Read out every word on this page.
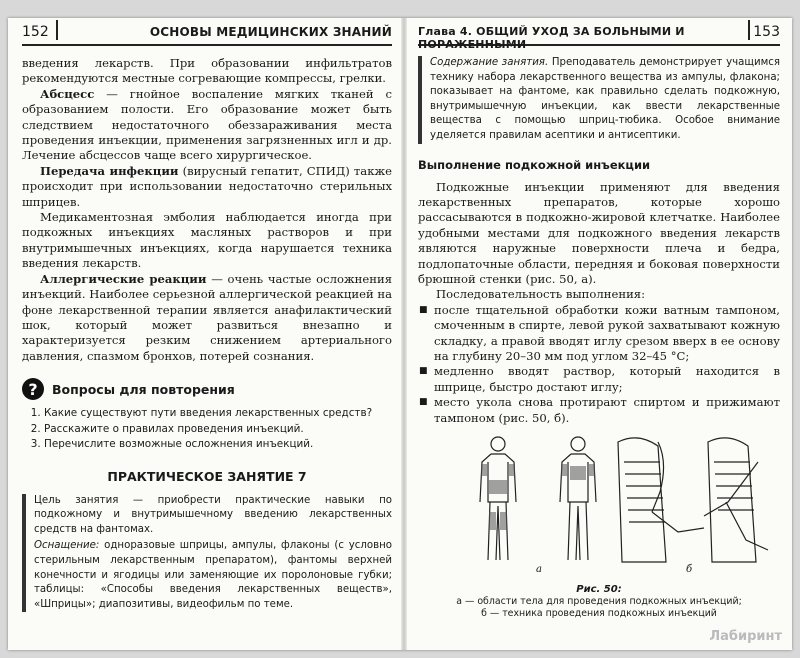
152	ОСНОВЫ МЕДИЦИНСКИХ ЗНАНИЙ

введения лекарств. При образовании инфильтратов рекомендуются местные согревающие компрессы, грелки.

Абсцесс — гнойное воспаление мягких тканей с образованием полости. Его образование может быть следствием недостаточного обеззараживания места проведения инъекции, применения загрязненных игл и др. Лечение абсцессов чаще всего хирургическое.

Передача инфекции (вирусный гепатит, СПИД) также происходит при использовании недостаточно стерильных шприцев.

Медикаментозная эмболия наблюдается иногда при подкожных инъекциях масляных растворов и при внутримышечных инъекциях, когда нарушается техника введения лекарств.

Аллергические реакции — очень частые осложнения инъекций. Наиболее серьезной аллергической реакцией на фоне лекарственной терапии является анафилактический шок, который может развиться внезапно и характеризуется резким снижением артериального давления, спазмом бронхов, потерей сознания.

?	Вопросы для повторения
1. Какие существуют пути введения лекарственных средств?
2. Расскажите о правилах проведения инъекций.
3. Перечислите возможные осложнения инъекций.
ПРАКТИЧЕСКОЕ ЗАНЯТИЕ 7

Цель занятия — приобрести практические навыки по подкожному и внутримышечному введению лекарственных средств на фантомах.

Оснащение: одноразовые шприцы, ампулы, флаконы (с условно стерильным лекарственным препаратом), фантомы верхней конечности и ягодицы или заменяющие их поролоновые губки; таблицы: «Способы введения лекарственных веществ», «Шприцы»; диапозитивы, видеофильм по теме.

Глава 4. ОБЩИЙ УХОД ЗА БОЛЬНЫМИ И ПОРАЖЕННЫМИ
153

Содержание занятия. Преподаватель демонстрирует учащимся технику набора лекарственного вещества из ампулы, флакона; показывает на фантоме, как правильно сделать подкожную, внутримышечную инъекции, как ввести лекарственные вещества с помощью шприц-тюбика. Особое внимание уделяется правилам асептики и антисептики.

Выполнение подкожной инъекции

Подкожные инъекции применяют для введения лекарственных препаратов, которые хорошо рассасываются в подкожно-жировой клетчатке. Наиболее удобными местами для подкожного введения лекарств являются наружные поверхности плеча и бедра, подлопаточные области, передняя и боковая поверхности брюшной стенки (рис. 50, а).

Последовательность выполнения:

■ после тщательной обработки кожи ватным тампоном, смоченным в спирте, левой рукой захватывают кожную складку, а правой вводят иглу срезом вверх в ее основу на глубину 20–30 мм под углом 32–45 °С;
■ медленно вводят раствор, который находится в шприце, быстро достают иглу;
■ место укола снова протирают спиртом и прижимают тампоном (рис. 50, б).
а	б
Рис. 50:
а — области тела для проведения подкожных инъекций;
б — техника проведения подкожных инъекций
Лабиринт
